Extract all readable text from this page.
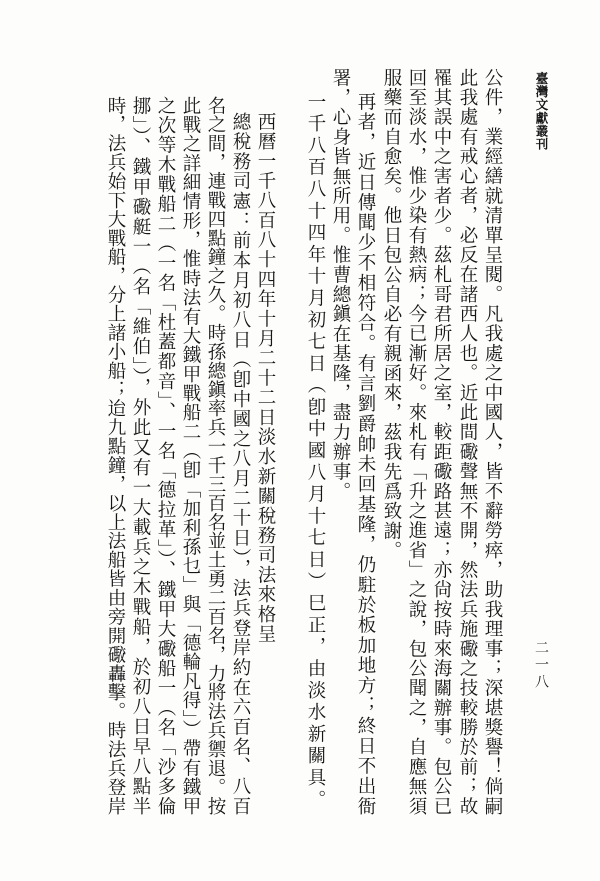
臺灣文獻叢刊
二一八
公件，業經繕就清單呈閱。凡我處之中國人，皆不辭勞瘁，助我理事；深堪獎譽！倘嗣
此我處有戒心者，必反在諸西人也。近此間礮聲無不開，然法兵施礮之技較勝於前；故
罹其誤中之害者少。茲札哥君所居之室，較距礮路甚遠；亦尙按時來海關辦事。包公已
回至淡水，惟少染有熱病；今已漸好。來札有「升之進省」之說，包公聞之，自應無須
服藥而自愈矣。他日包公自必有親函來，茲我先爲致謝。
再者，近日傳聞少不相符合。有言劉爵帥未回基隆，仍駐於板加地方；終日不出衙
署，心身皆無所用。惟曹總鎭在基隆，盡力辦事。
一千八百八十四年十月初七日（卽中國八月十七日）巳正，由淡水新關具。
西曆一千八百八十四年十月二十二日淡水新關稅務司法來格呈
總稅務司憲：前本月初八日（卽中國之八月二十日），法兵登岸約在六百名、八百
名之間，連戰四點鐘之久。時孫總鎭率兵一千三百名並土勇二百名，力將法兵禦退。按
此戰之詳細情形，惟時法有大鐵甲戰船二（卽「加利孫乜」與「德輪凡得」）帶有鐵甲
之次等木戰船二（一名「杜蓋都音」、一名「德拉革」）、鐵甲大礮船一（名「沙多倫
挪」）、鐵甲礮艇一（名「維伯」），外此又有一大載兵之木戰船，於初八日早八點半
時，法兵始下大戰船，分上諸小船；迨九點鐘，以上法船皆由旁開礮轟擊。時法兵登岸
